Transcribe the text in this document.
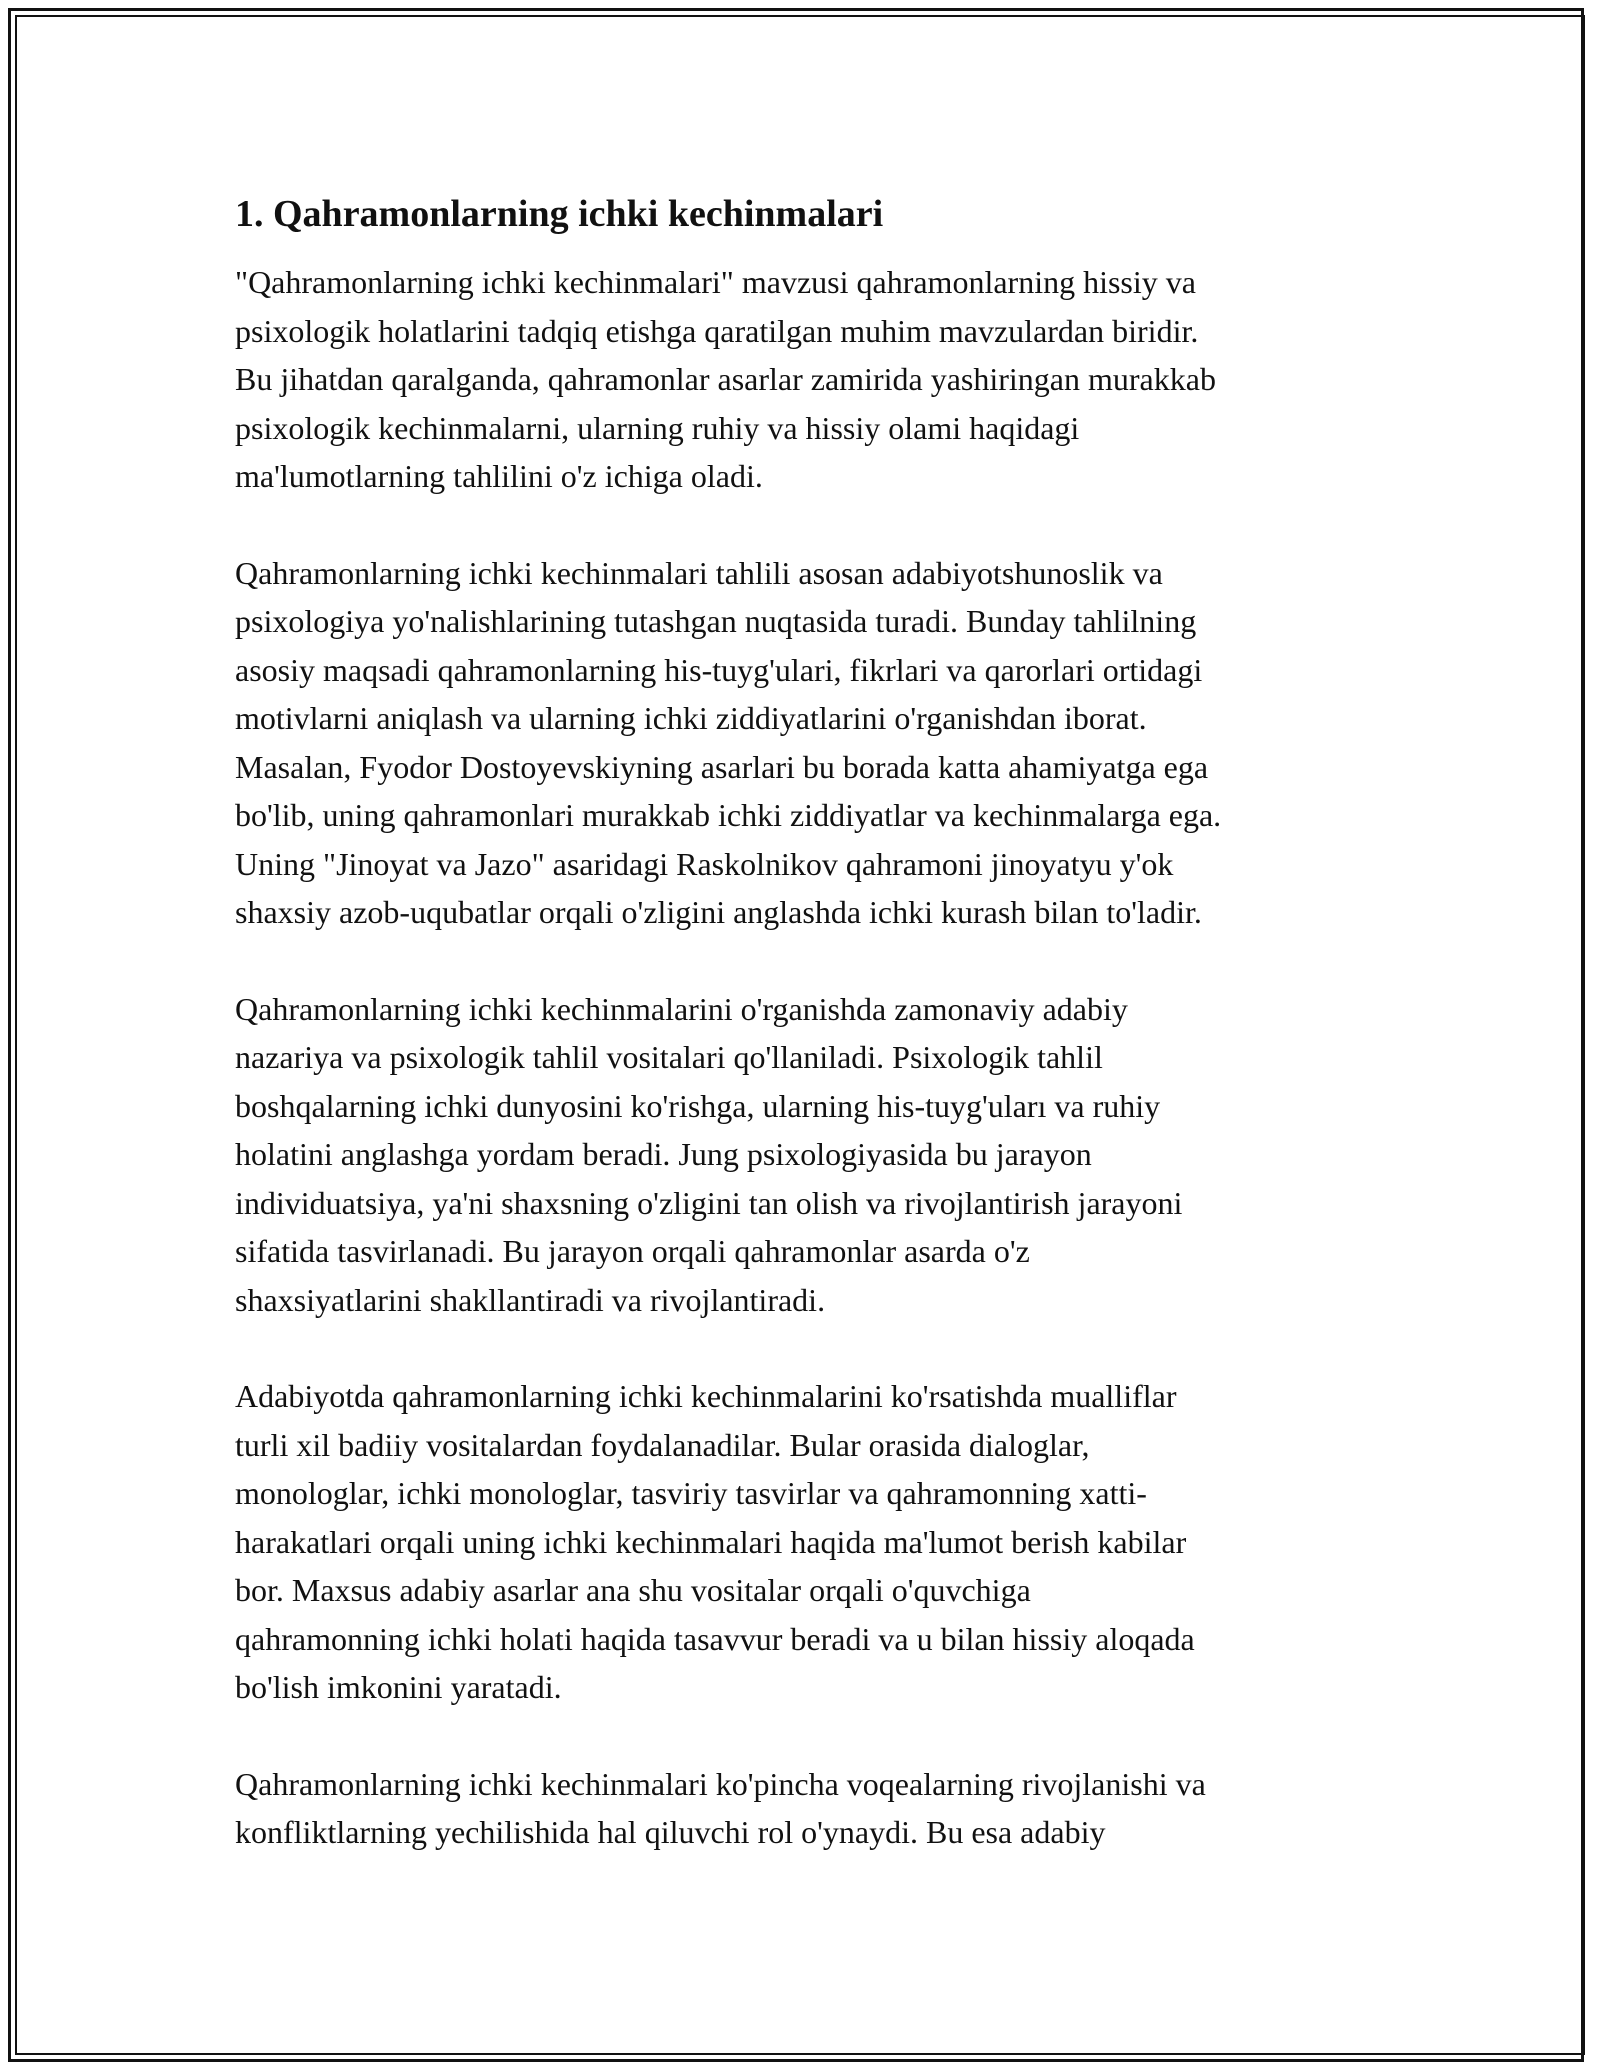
1. Qahramonlarning ichki kechinmalari

"Qahramonlarning ichki kechinmalari" mavzusi qahramonlarning hissiy va
psixologik holatlarini tadqiq etishga qaratilgan muhim mavzulardan biridir.
Bu jihatdan qaralganda, qahramonlar asarlar zamirida yashiringan murakkab
psixologik kechinmalarni, ularning ruhiy va hissiy olami haqidagi
ma'lumotlarning tahlilini o'z ichiga oladi.

Qahramonlarning ichki kechinmalari tahlili asosan adabiyotshunoslik va
psixologiya yo'nalishlarining tutashgan nuqtasida turadi. Bunday tahlilning
asosiy maqsadi qahramonlarning his-tuyg'ulari, fikrlari va qarorlari ortidagi
motivlarni aniqlash va ularning ichki ziddiyatlarini o'rganishdan iborat.
Masalan, Fyodor Dostoyevskiyning asarlari bu borada katta ahamiyatga ega
bo'lib, uning qahramonlari murakkab ichki ziddiyatlar va kechinmalarga ega.
Uning "Jinoyat va Jazo" asaridagi Raskolnikov qahramoni jinoyatyu y'ok
shaxsiy azob-uqubatlar orqali o'zligini anglashda ichki kurash bilan to'ladir.

Qahramonlarning ichki kechinmalarini o'rganishda zamonaviy adabiy
nazariya va psixologik tahlil vositalari qo'llaniladi. Psixologik tahlil
boshqalarning ichki dunyosini ko'rishga, ularning his-tuyg'uları va ruhiy
holatini anglashga yordam beradi. Jung psixologiyasida bu jarayon
individuatsiya, ya'ni shaxsning o'zligini tan olish va rivojlantirish jarayoni
sifatida tasvirlanadi. Bu jarayon orqali qahramonlar asarda o'z
shaxsiyatlarini shakllantiradi va rivojlantiradi.

Adabiyotda qahramonlarning ichki kechinmalarini ko'rsatishda mualliflar
turli xil badiiy vositalardan foydalanadilar. Bular orasida dialoglar,
monologlar, ichki monologlar, tasviriy tasvirlar va qahramonning xatti-
harakatlari orqali uning ichki kechinmalari haqida ma'lumot berish kabilar
bor. Maxsus adabiy asarlar ana shu vositalar orqali o'quvchiga
qahramonning ichki holati haqida tasavvur beradi va u bilan hissiy aloqada
bo'lish imkonini yaratadi.

Qahramonlarning ichki kechinmalari ko'pincha voqealarning rivojlanishi va
konfliktlarning yechilishida hal qiluvchi rol o'ynaydi. Bu esa adabiy
